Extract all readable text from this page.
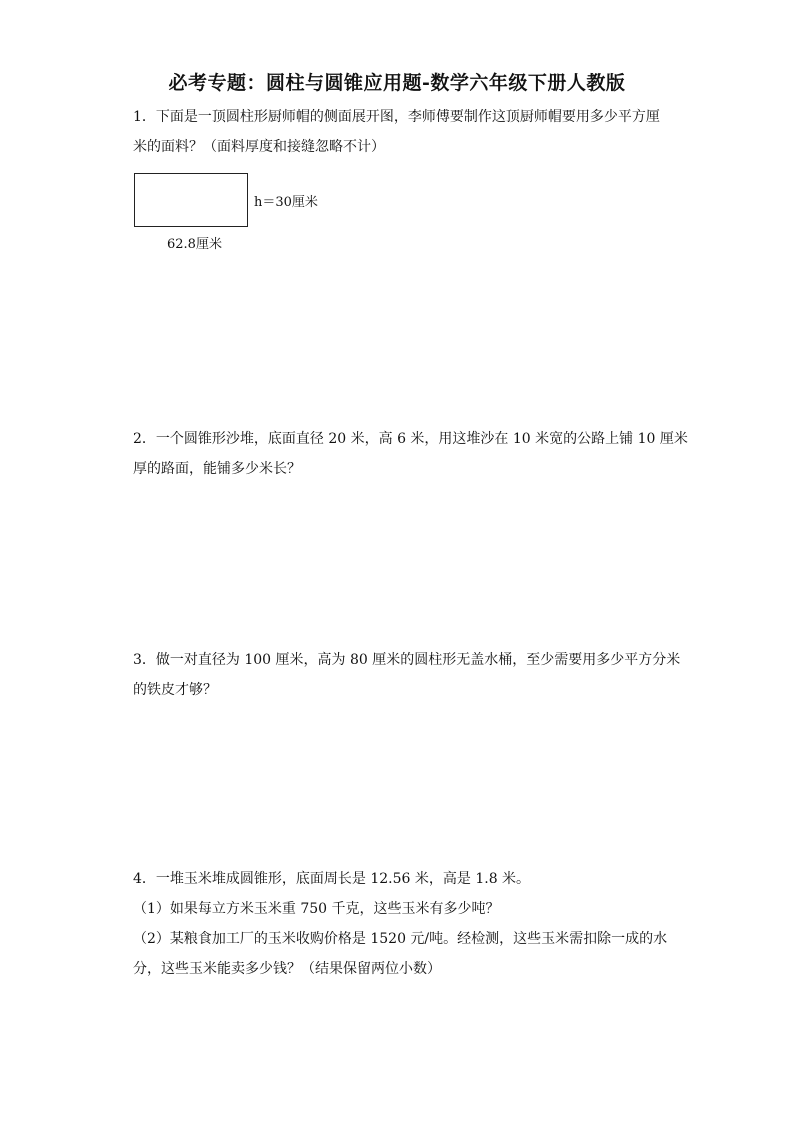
必考专题：圆柱与圆锥应用题-数学六年级下册人教版
1．下面是一顶圆柱形厨师帽的侧面展开图，李师傅要制作这顶厨师帽要用多少平方厘
米的面料？（面料厚度和接缝忽略不计）
h＝30厘米
62.8厘米
2．一个圆锥形沙堆，底面直径 20 米，高 6 米，用这堆沙在 10 米宽的公路上铺 10 厘米
厚的路面，能铺多少米长？
3．做一对直径为 100 厘米，高为 80 厘米的圆柱形无盖水桶，至少需要用多少平方分米
的铁皮才够？
4．一堆玉米堆成圆锥形，底面周长是 12.56 米，高是 1.8 米。
（1）如果每立方米玉米重 750 千克，这些玉米有多少吨？
（2）某粮食加工厂的玉米收购价格是 1520 元/吨。经检测，这些玉米需扣除一成的水
分，这些玉米能卖多少钱？（结果保留两位小数）
